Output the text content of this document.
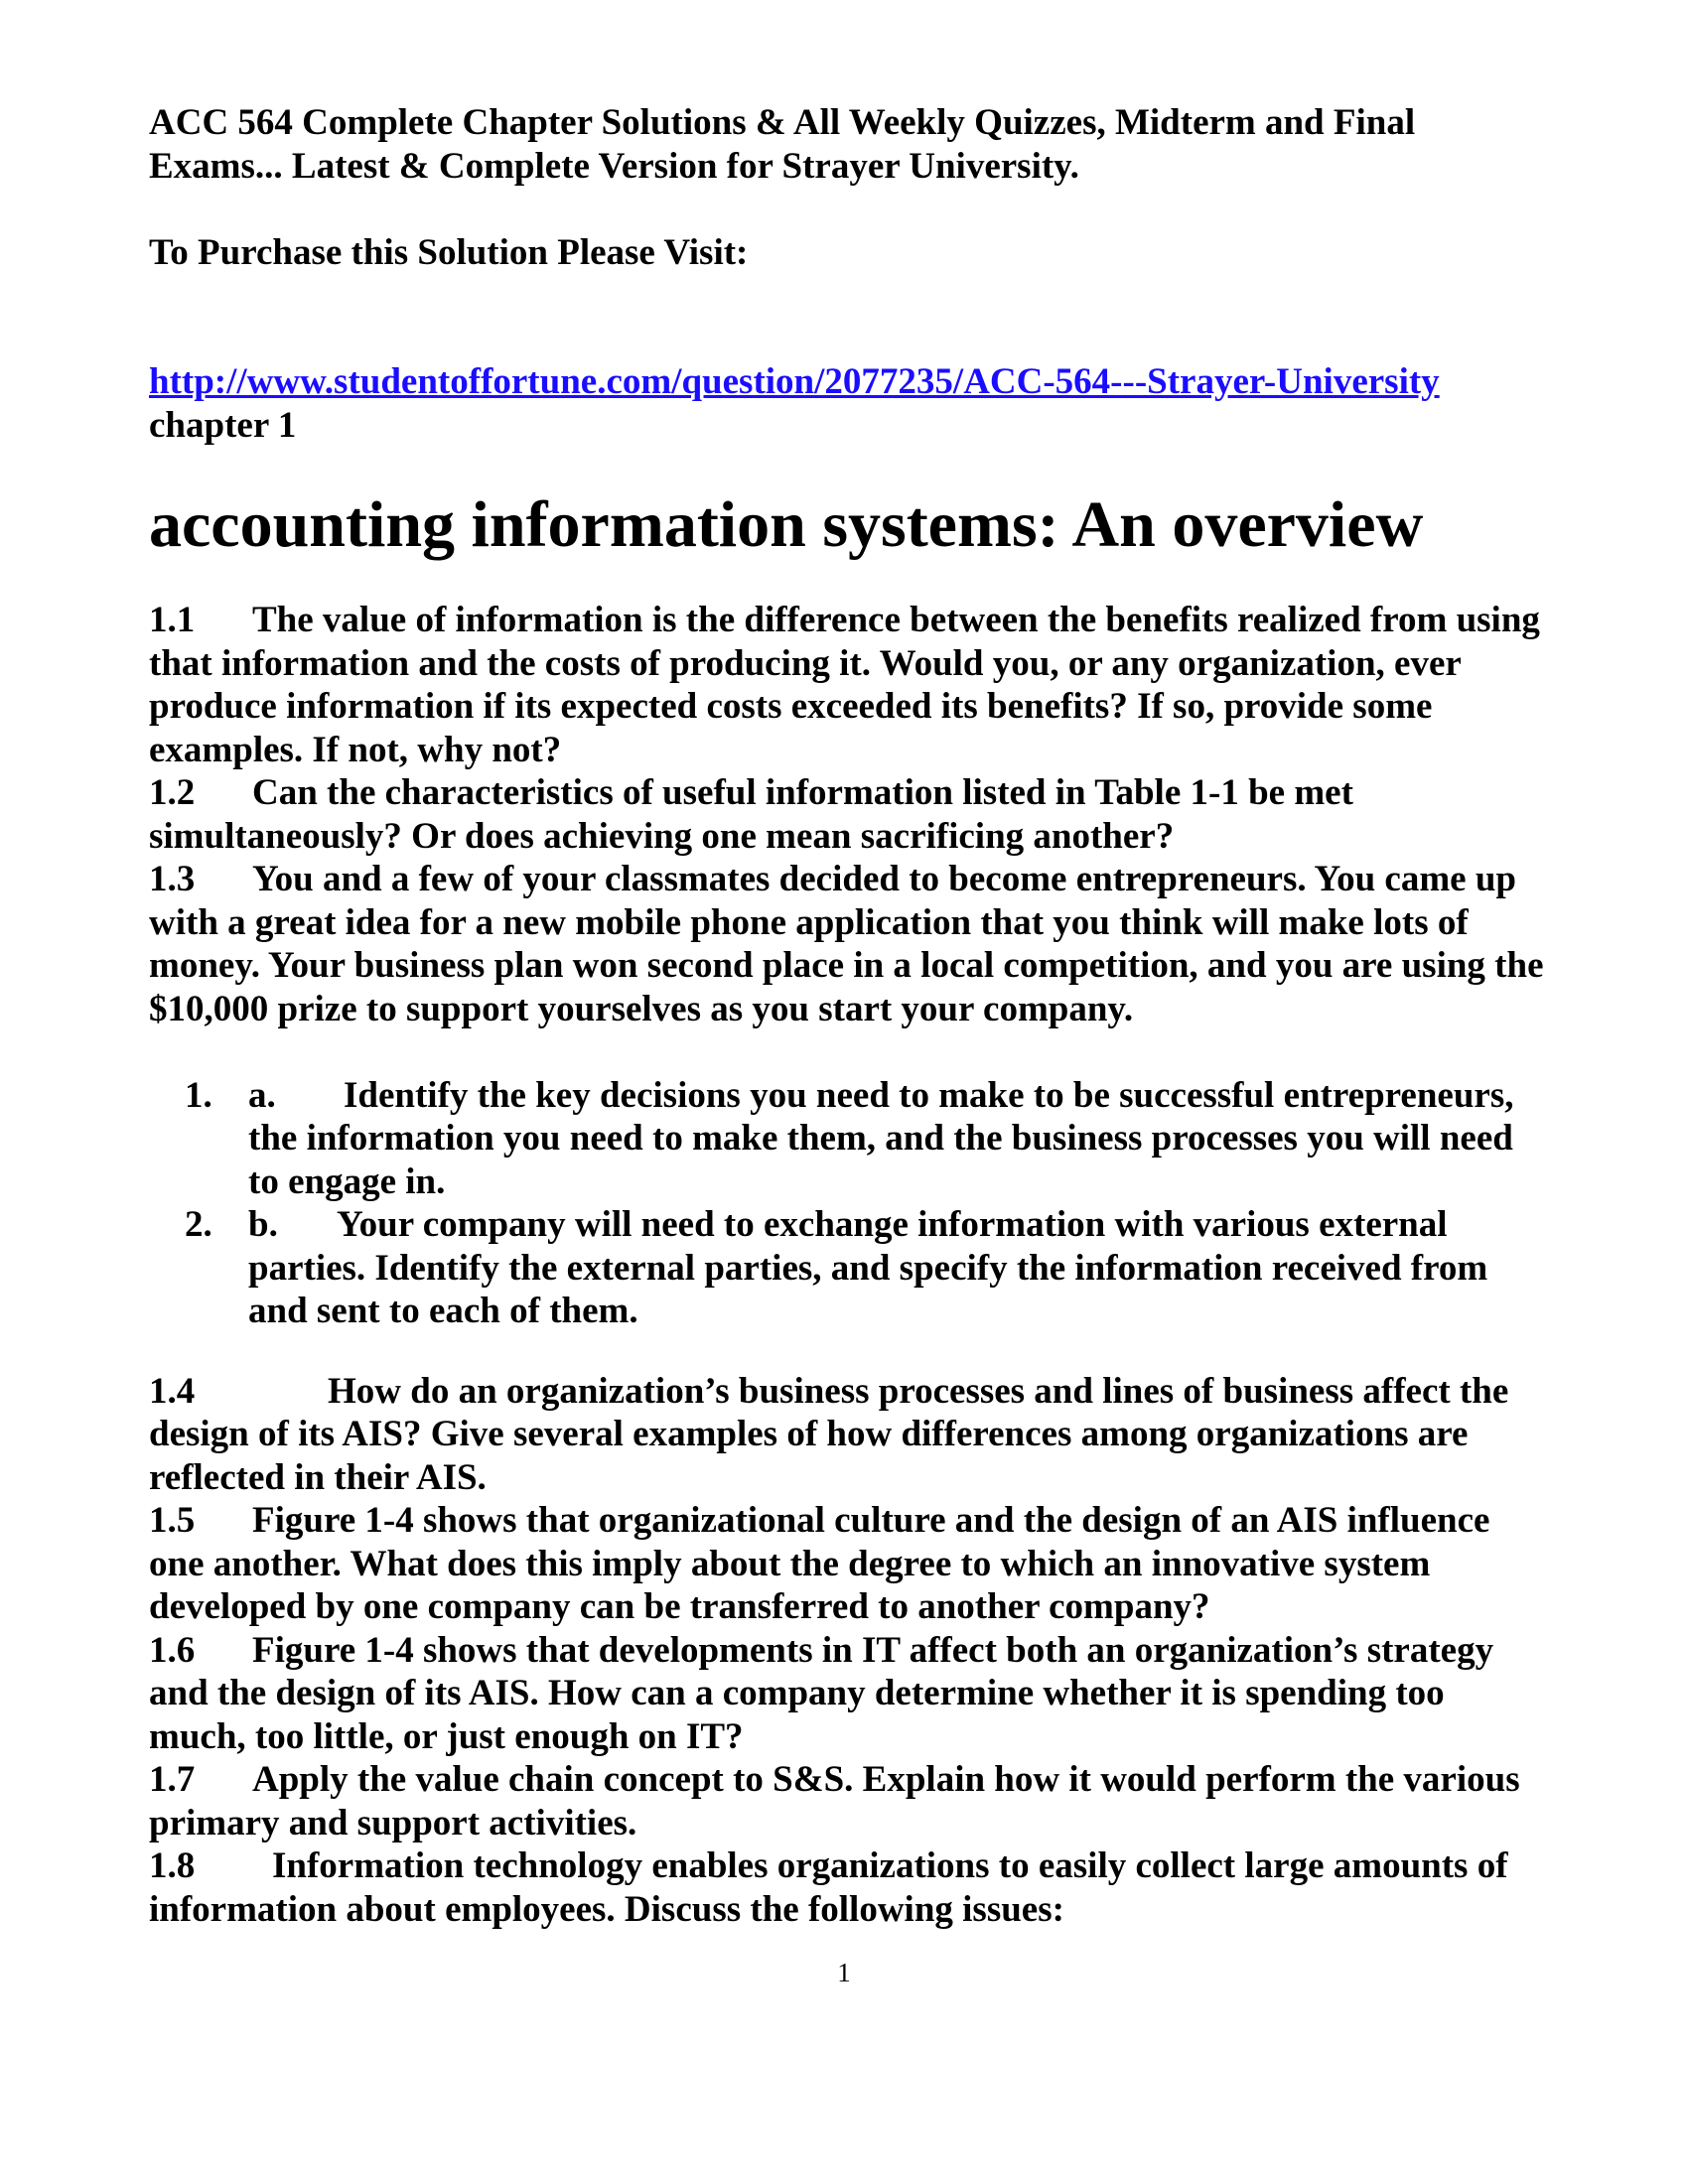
ACC 564 Complete Chapter Solutions & All Weekly Quizzes, Midterm and Final Exams... Latest & Complete Version for Strayer University.

To Purchase this Solution Please Visit:

http://www.studentoffortune.com/question/2077235/ACC-564---Strayer-University

chapter 1

accounting information systems: An overview

1.1 The value of information is the difference between the benefits realized from using that information and the costs of producing it. Would you, or any organization, ever produce information if its expected costs exceeded its benefits? If so, provide some examples. If not, why not?

1.2 Can the characteristics of useful information listed in Table 1-1 be met simultaneously? Or does achieving one mean sacrificing another?

1.3 You and a few of your classmates decided to become entrepreneurs. You came up with a great idea for a new mobile phone application that you think will make lots of money. Your business plan won second place in a local competition, and you are using the $10,000 prize to support yourselves as you start your company.

1. a. Identify the key decisions you need to make to be successful entrepreneurs, the information you need to make them, and the business processes you will need to engage in.
2. b. Your company will need to exchange information with various external parties. Identify the external parties, and specify the information received from and sent to each of them.

1.4	How do an organization’s business processes and lines of business affect the design of its AIS? Give several examples of how differences among organizations are reflected in their AIS.

1.5 Figure 1-4 shows that organizational culture and the design of an AIS influence one another. What does this imply about the degree to which an innovative system developed by one company can be transferred to another company?

1.6 Figure 1-4 shows that developments in IT affect both an organization’s strategy and the design of its AIS. How can a company determine whether it is spending too much, too little, or just enough on IT?

1.7 Apply the value chain concept to S&S. Explain how it would perform the various primary and support activities.

1.8 Information technology enables organizations to easily collect large amounts of information about employees. Discuss the following issues:

1
